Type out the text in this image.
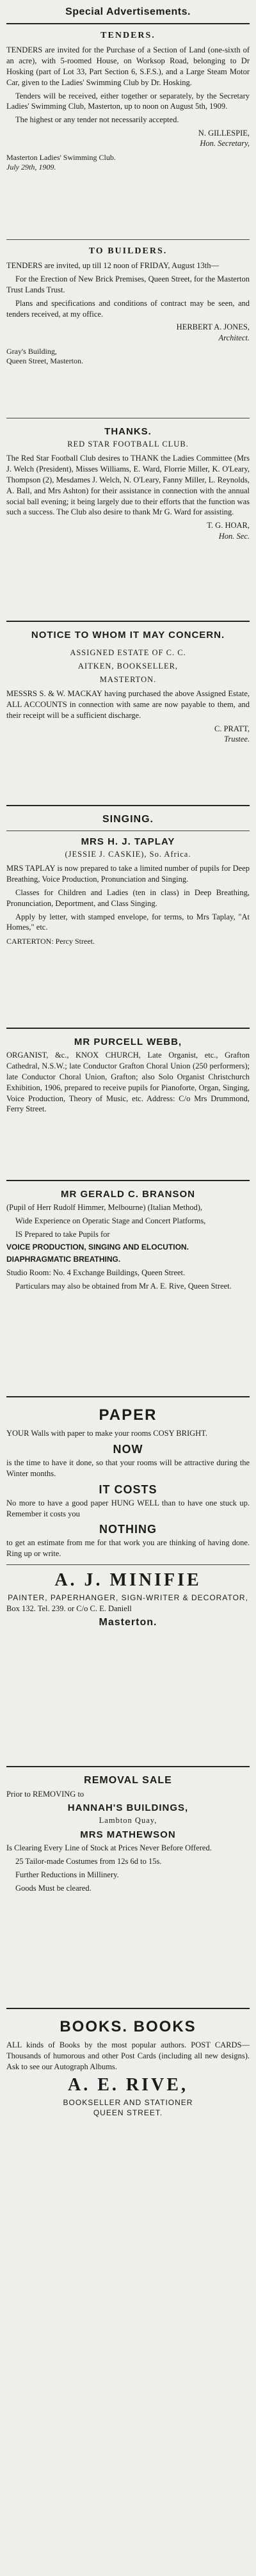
Special Advertisements.
TENDERS.

TENDERS are invited for the Purchase of a Section of Land (one-sixth of an acre), with 5-roomed House, on Worksop Road, belonging to Dr Hosking (part of Lot 33, Part Section 6, S.F.S.), and a Large Steam Motor Car, given to the Ladies' Swimming Club by Dr. Hosking.

Tenders will be received, either together or separately, by the Secretary Ladies' Swimming Club, Masterton, up to noon on August 5th, 1909.

The highest or any tender not necessarily accepted.

N. GILLESPIE,
Hon. Secretary,
Masterton Ladies' Swimming Club.
July 29th, 1909.
TO BUILDERS.

TENDERS are invited, up till 12 noon of FRIDAY, August 13th—

For the Erection of New Brick Premises, Queen Street, for the Masterton Trust Lands Trust.

Plans and specifications and conditions of contract may be seen, and tenders received, at my office.

HERBERT A. JONES,
Architect.
Gray's Building,
Queen Street, Masterton.
THANKS.
RED STAR FOOTBALL CLUB.

The Red Star Football Club desires to THANK the Ladies Committee (Mrs J. Welch (President), Misses Williams, E. Ward, Florrie Miller, K. O'Leary, Thompson (2), Mesdames J. Welch, N. O'Leary, Fanny Miller, L. Reynolds, A. Ball, and Mrs Ashton) for their assistance in connection with the annual social ball evening; it being largely due to their efforts that the function was such a success. The Club also desire to thank Mr G. Ward for assisting.

T. G. HOAR,
Hon. Sec.
NOTICE TO WHOM IT MAY CONCERN.
ASSIGNED ESTATE OF C. C.
AITKEN, BOOKSELLER,
MASTERTON.

MESSRS S. & W. MACKAY having purchased the above Assigned Estate, ALL ACCOUNTS in connection with same are now payable to them, and their receipt will be a sufficient discharge.

C. PRATT,
Trustee.
SINGING.
MRS H. J. TAPLAY
(JESSIE J. CASKIE), So. Africa.

MRS TAPLAY is now prepared to take a limited number of pupils for Deep Breathing, Voice Production, Pronunciation and Singing.

Classes for Children and Ladies (ten in class) in Deep Breathing, Pronunciation, Deportment, and Class Singing.

Apply by letter, with stamped envelope, for terms, to Mrs Taplay, "At Homes," etc.

CARTERTON: Percy Street.
MR PURCELL WEBB,

ORGANIST, &c., KNOX CHURCH, Late Organist, etc., Grafton Cathedral, N.S.W.; late Conductor Grafton Choral Union (250 performers); late Conductor Choral Union, Grafton; also Solo Organist Christchurch Exhibition, 1906, prepared to receive pupils for Pianoforte, Organ, Singing, Voice Production, Theory of Music, etc. Address: C/o Mrs Drummond, Ferry Street.

MR GERALD C. BRANSON

(Pupil of Herr Rudolf Himmer, Melbourne) (Italian Method),

Wide Experience on Operatic Stage and Concert Platforms,

IS Prepared to take Pupils for

VOICE PRODUCTION, SINGING AND ELOCUTION.
DIAPHRAGMATIC BREATHING.

Studio Room: No. 4 Exchange Buildings, Queen Street.

Particulars may also be obtained from Mr A. E. Rive, Queen Street.

PAPER

YOUR Walls with paper to make your rooms COSY BRIGHT.

NOW

is the time to have it done, so that your rooms will be attractive during the Winter months.

IT COSTS

No more to have a good paper HUNG WELL than to have one stuck up. Remember it costs you

NOTHING

to get an estimate from me for that work you are thinking of having done. Ring up or write.

A. J. MINIFIE
PAINTER, PAPERHANGER, SIGN-WRITER & DECORATOR,
Box 132. Tel. 239. or C/o C. E. Daniell
Masterton.
REMOVAL SALE

Prior to REMOVING to

HANNAH'S BUILDINGS,
Lambton Quay,
MRS MATHEWSON

Is Clearing Every Line of Stock at Prices Never Before Offered.

25 Tailor-made Costumes from 12s 6d to 15s.

Further Reductions in Millinery.

Goods Must be cleared.

BOOKS. BOOKS

ALL kinds of Books by the most popular authors. POST CARDS—Thousands of humorous and other Post Cards (including all new designs). Ask to see our Autograph Albums.

A. E. RIVE,
BOOKSELLER AND STATIONER
QUEEN STREET.
